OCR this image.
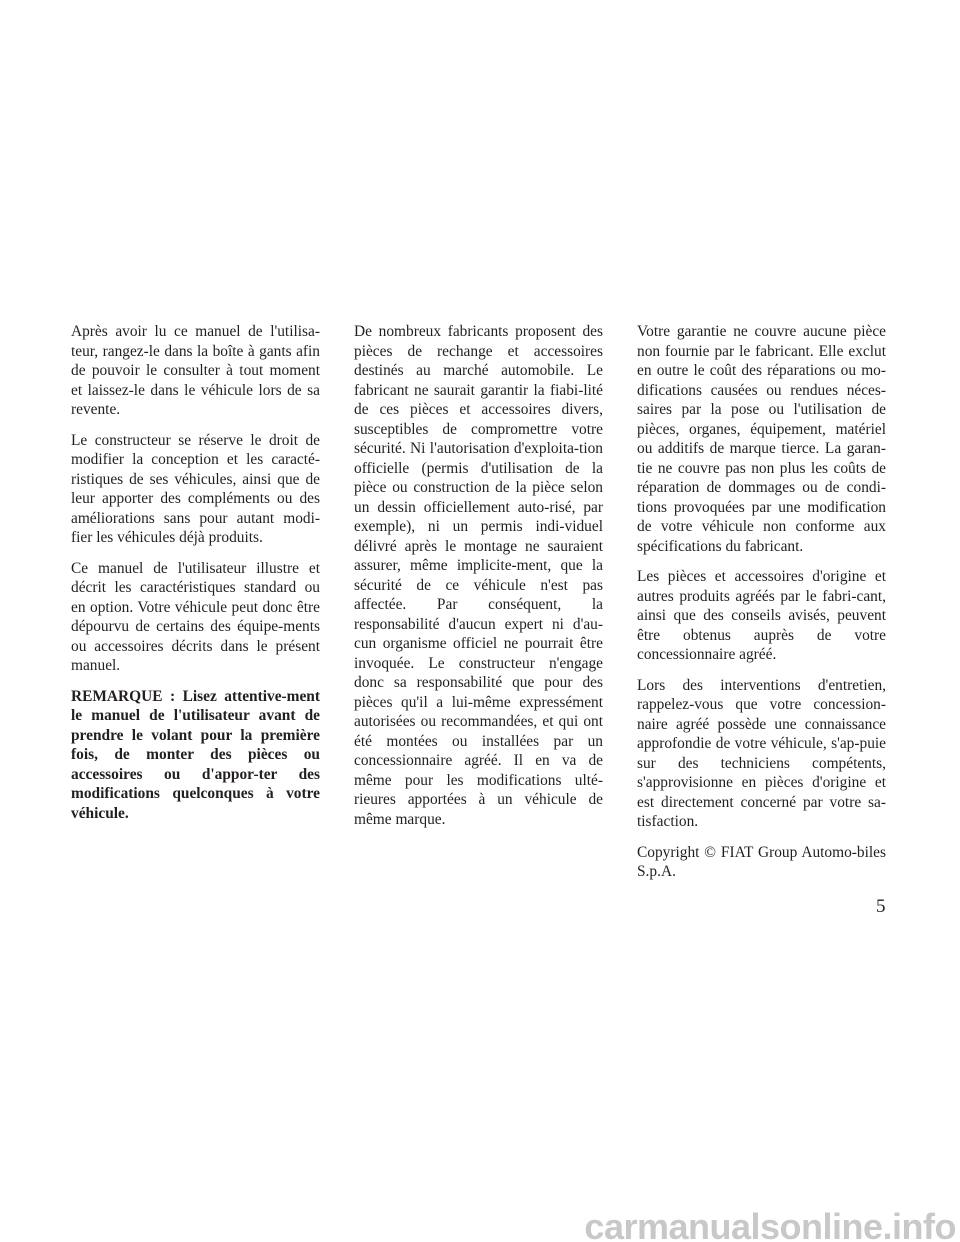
Après avoir lu ce manuel de l'utilisa-teur, rangez-le dans la boîte à gants afin de pouvoir le consulter à tout moment et laissez-le dans le véhicule lors de sa revente.

Le constructeur se réserve le droit de modifier la conception et les caracté-ristiques de ses véhicules, ainsi que de leur apporter des compléments ou des améliorations sans pour autant modi-fier les véhicules déjà produits.

Ce manuel de l'utilisateur illustre et décrit les caractéristiques standard ou en option. Votre véhicule peut donc être dépourvu de certains des équipe-ments ou accessoires décrits dans le présent manuel.

REMARQUE : Lisez attentive-ment le manuel de l'utilisateur avant de prendre le volant pour la première fois, de monter des pièces ou accessoires ou d'appor-ter des modifications quelconques à votre véhicule.

De nombreux fabricants proposent des pièces de rechange et accessoires destinés au marché automobile. Le fabricant ne saurait garantir la fiabi-lité de ces pièces et accessoires divers, susceptibles de compromettre votre sécurité. Ni l'autorisation d'exploita-tion officielle (permis d'utilisation de la pièce ou construction de la pièce selon un dessin officiellement auto-risé, par exemple), ni un permis indi-viduel délivré après le montage ne sauraient assurer, même implicite-ment, que la sécurité de ce véhicule n'est pas affectée. Par conséquent, la responsabilité d'aucun expert ni d'au-cun organisme officiel ne pourrait être invoquée. Le constructeur n'engage donc sa responsabilité que pour des pièces qu'il a lui-même expressément autorisées ou recommandées, et qui ont été montées ou installées par un concessionnaire agréé. Il en va de même pour les modifications ulté-rieures apportées à un véhicule de même marque.

Votre garantie ne couvre aucune pièce non fournie par le fabricant. Elle exclut en outre le coût des réparations ou mo-difications causées ou rendues néces-saires par la pose ou l'utilisation de pièces, organes, équipement, matériel ou additifs de marque tierce. La garan-tie ne couvre pas non plus les coûts de réparation de dommages ou de condi-tions provoquées par une modification de votre véhicule non conforme aux spécifications du fabricant.

Les pièces et accessoires d'origine et autres produits agréés par le fabri-cant, ainsi que des conseils avisés, peuvent être obtenus auprès de votre concessionnaire agréé.

Lors des interventions d'entretien, rappelez-vous que votre concession-naire agréé possède une connaissance approfondie de votre véhicule, s'ap-puie sur des techniciens compétents, s'approvisionne en pièces d'origine et est directement concerné par votre sa-tisfaction.

Copyright © FIAT Group Automo-biles S.p.A.

5
carmanualsonline.info
